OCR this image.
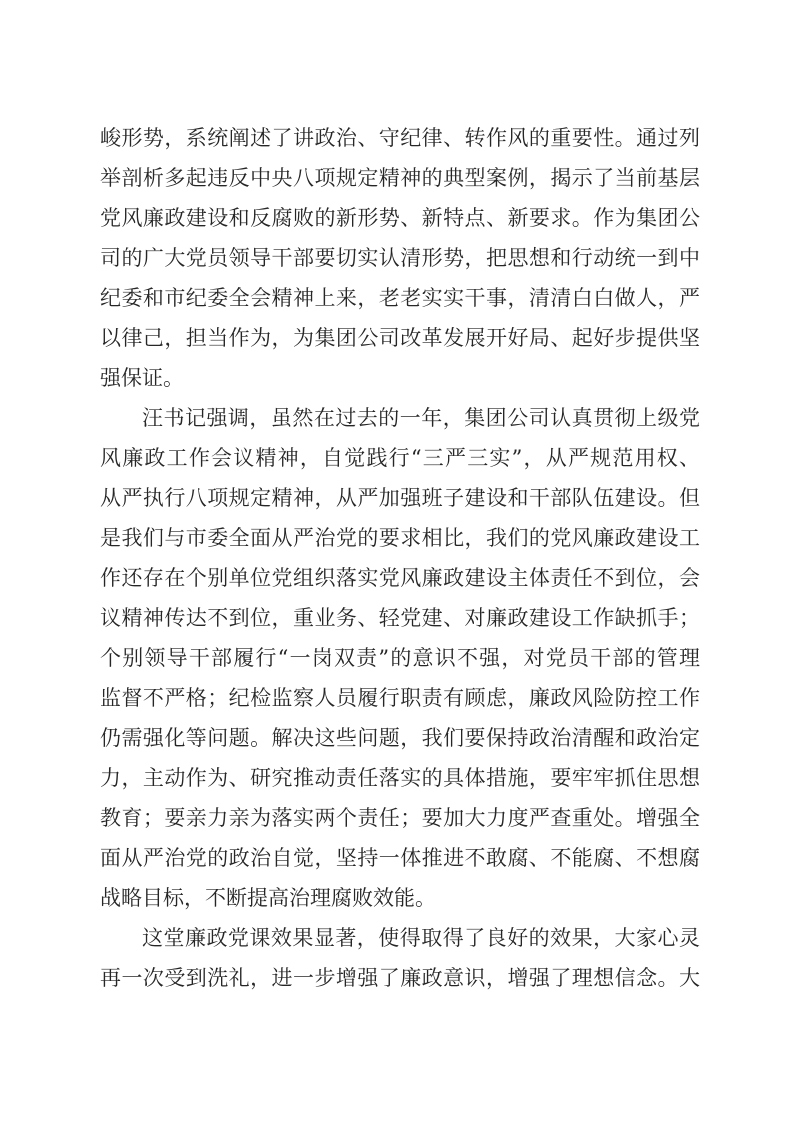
峻形势，系统阐述了讲政治、守纪律、转作风的重要性。通过列
举剖析多起违反中央八项规定精神的典型案例，揭示了当前基层
党风廉政建设和反腐败的新形势、新特点、新要求。作为集团公
司的广大党员领导干部要切实认清形势，把思想和行动统一到中
纪委和市纪委全会精神上来，老老实实干事，清清白白做人，严
以律己，担当作为，为集团公司改革发展开好局、起好步提供坚
强保证。
汪书记强调，虽然在过去的一年，集团公司认真贯彻上级党
风廉政工作会议精神，自觉践行“三严三实”，从严规范用权、
从严执行八项规定精神，从严加强班子建设和干部队伍建设。但
是我们与市委全面从严治党的要求相比，我们的党风廉政建设工
作还存在个别单位党组织落实党风廉政建设主体责任不到位，会
议精神传达不到位，重业务、轻党建、对廉政建设工作缺抓手；
个别领导干部履行“一岗双责”的意识不强，对党员干部的管理
监督不严格；纪检监察人员履行职责有顾虑，廉政风险防控工作
仍需强化等问题。解决这些问题，我们要保持政治清醒和政治定
力，主动作为、研究推动责任落实的具体措施，要牢牢抓住思想
教育；要亲力亲为落实两个责任；要加大力度严查重处。增强全
面从严治党的政治自觉，坚持一体推进不敢腐、不能腐、不想腐
战略目标，不断提高治理腐败效能。
这堂廉政党课效果显著，使得取得了良好的效果，大家心灵
再一次受到洗礼，进一步增强了廉政意识，增强了理想信念。大
